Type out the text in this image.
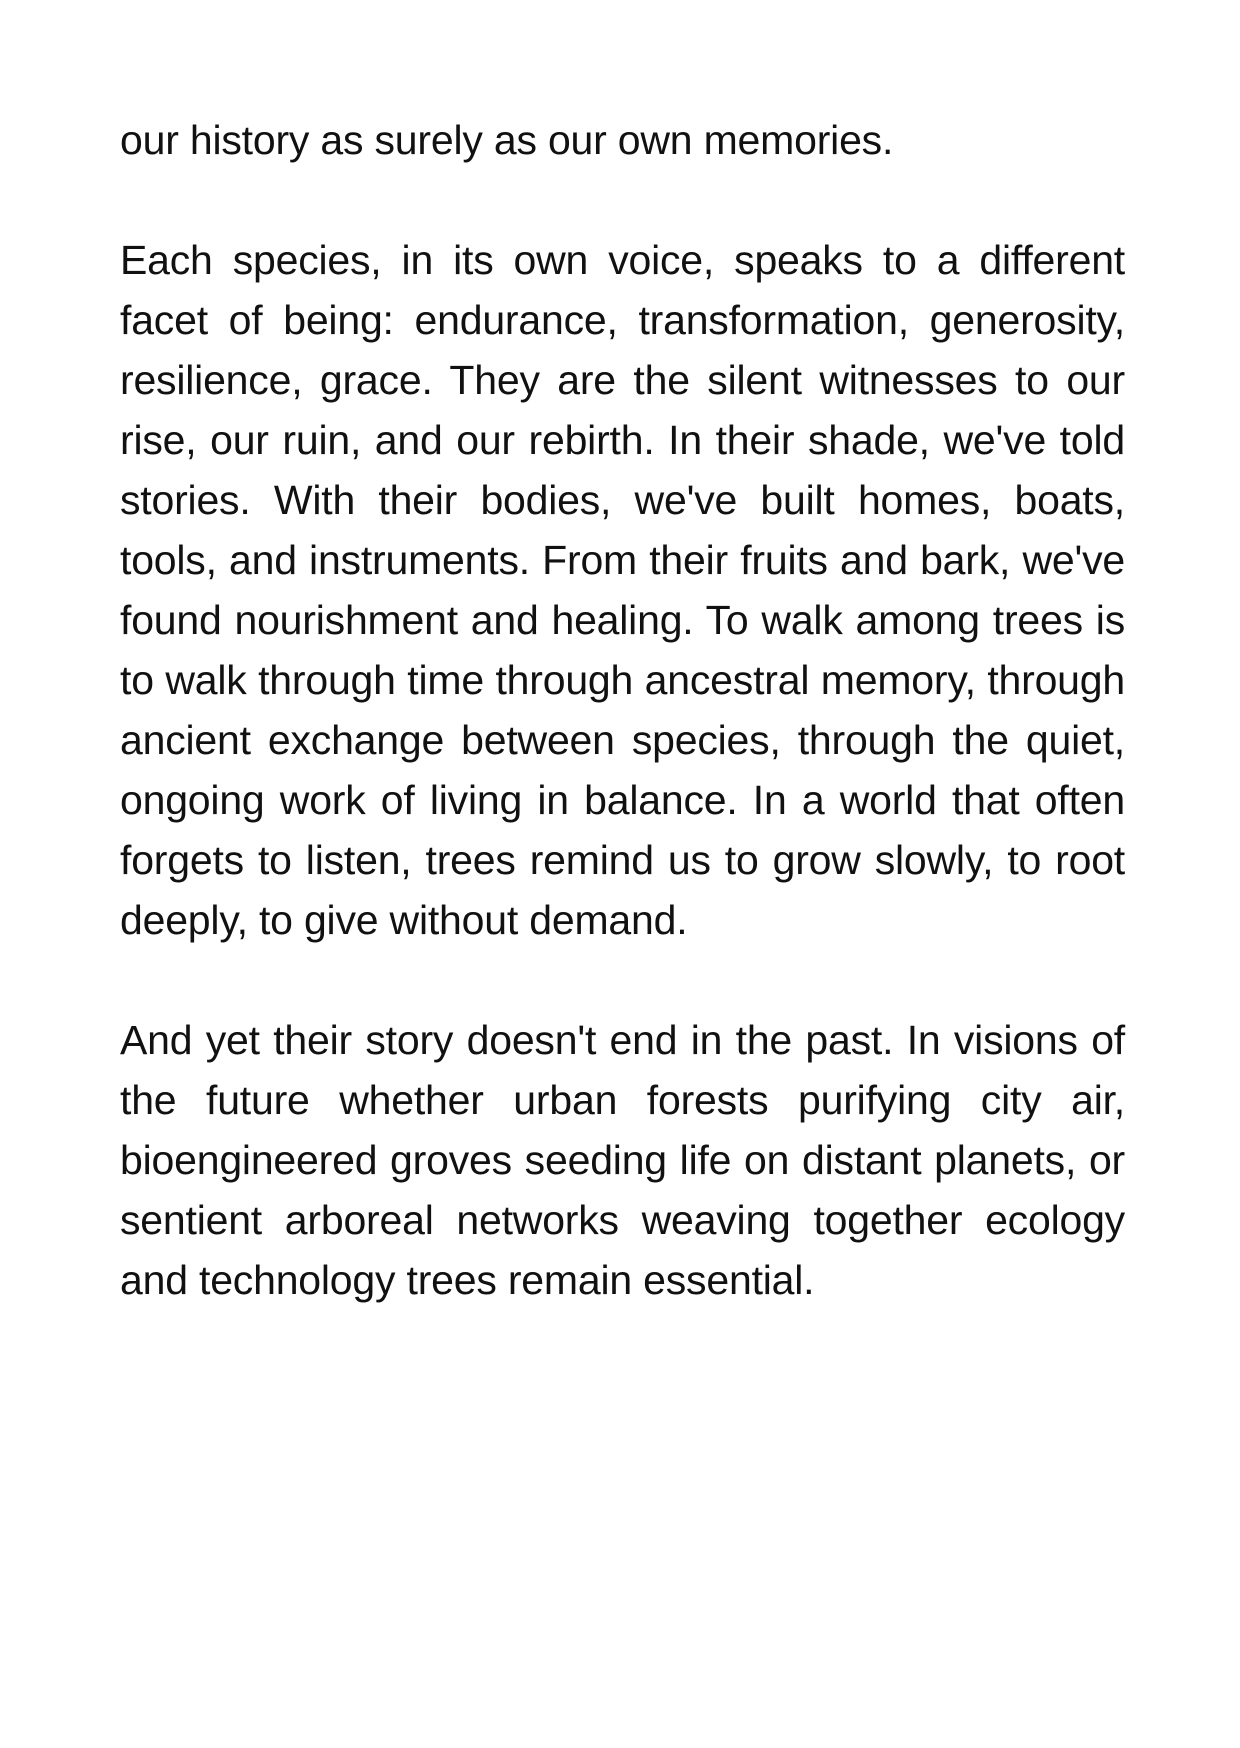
our history as surely as our own memories.

Each species, in its own voice, speaks to a different facet of being: endurance, transformation, generosity, resilience, grace. They are the silent witnesses to our rise, our ruin, and our rebirth. In their shade, we've told stories. With their bodies, we've built homes, boats, tools, and instruments. From their fruits and bark, we've found nourishment and healing. To walk among trees is to walk through time through ancestral memory, through ancient exchange between species, through the quiet, ongoing work of living in balance. In a world that often forgets to listen, trees remind us to grow slowly, to root deeply, to give without demand.

And yet their story doesn't end in the past. In visions of the future whether urban forests purifying city air, bioengineered groves seeding life on distant planets, or sentient arboreal networks weaving together ecology and technology trees remain essential.
